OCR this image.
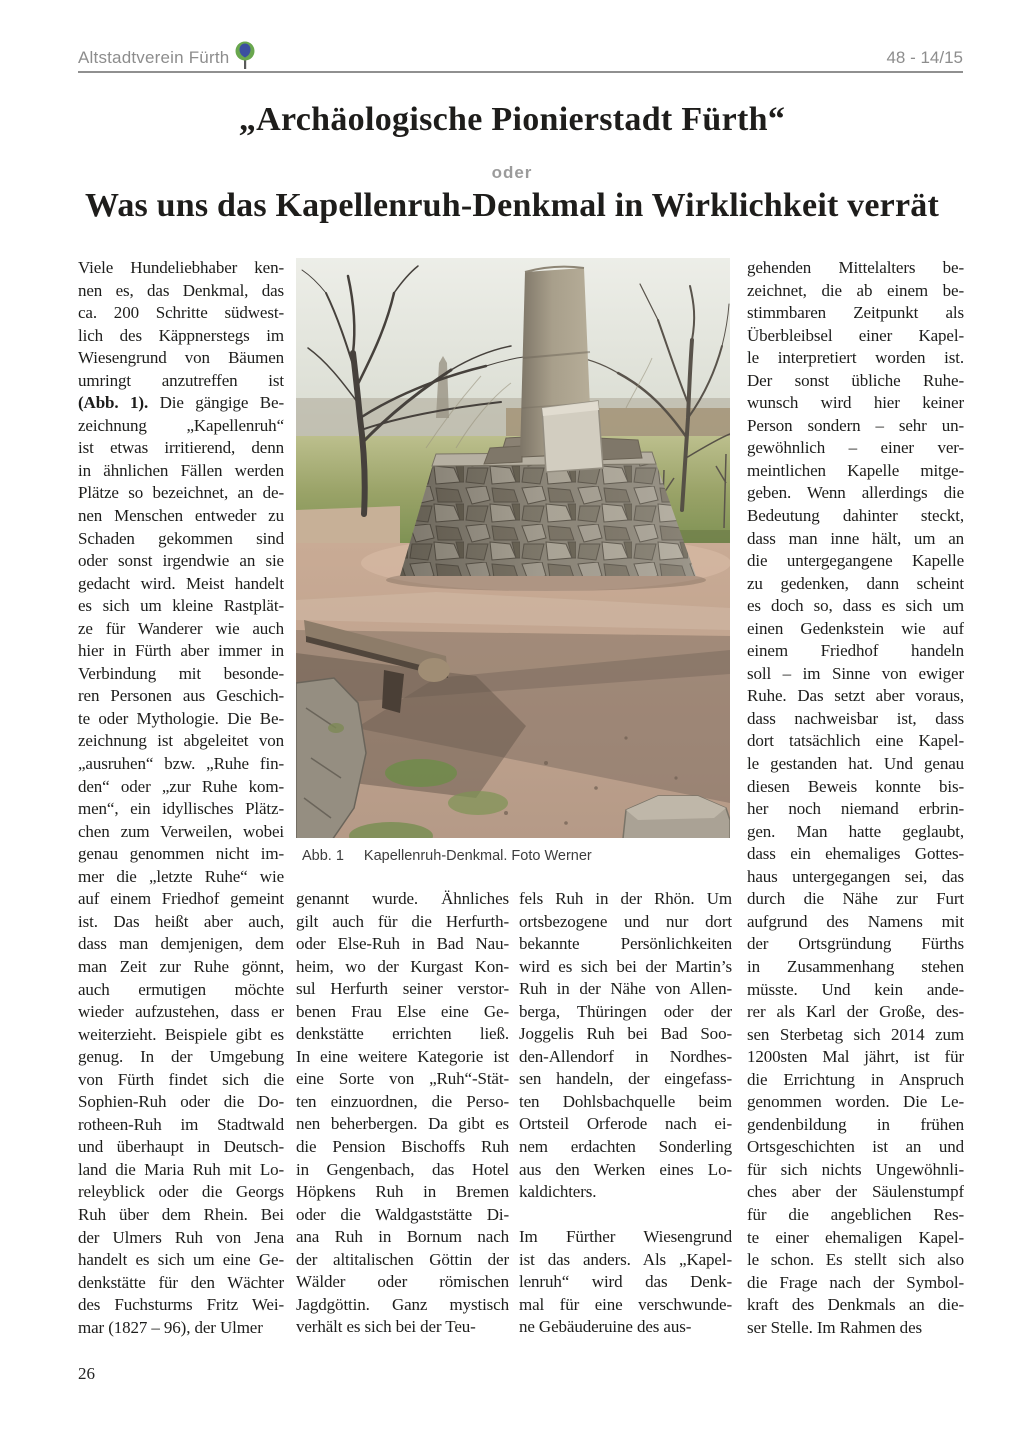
Altstadtverein Fürth	48 - 14/15
„Archäologische Pionierstadt Fürth“
oder
Was uns das Kapellenruh-Denkmal in Wirklichkeit verrät
Abb. 1 Kapellenruh-Denkmal. Foto Werner
Viele Hundeliebhaber ken-
nen es, das Denkmal, das
ca. 200 Schritte südwest-
lich des Käppnerstegs im
Wiesengrund von Bäumen
umringt anzutreffen ist
(Abb. 1). Die gängige Be-
zeichnung „Kapellenruh“
ist etwas irritierend, denn
in ähnlichen Fällen werden
Plätze so bezeichnet, an de-
nen Menschen entweder zu
Schaden gekommen sind
oder sonst irgendwie an sie
gedacht wird. Meist handelt
es sich um kleine Rastplät-
ze für Wanderer wie auch
hier in Fürth aber immer in
Verbindung mit besonde-
ren Personen aus Geschich-
te oder Mythologie. Die Be-
zeichnung ist abgeleitet von
„ausruhen“ bzw. „Ruhe fin-
den“ oder „zur Ruhe kom-
men“, ein idyllisches Plätz-
chen zum Verweilen, wobei
genau genommen nicht im-
mer die „letzte Ruhe“ wie
auf einem Friedhof gemeint
ist. Das heißt aber auch,
dass man demjenigen, dem
man Zeit zur Ruhe gönnt,
auch ermutigen möchte
wieder aufzustehen, dass er
weiterzieht. Beispiele gibt es
genug. In der Umgebung
von Fürth findet sich die
Sophien-Ruh oder die Do-
rotheen-Ruh im Stadtwald
und überhaupt in Deutsch-
land die Maria Ruh mit Lo-
releyblick oder die Georgs
Ruh über dem Rhein. Bei
der Ulmers Ruh von Jena
handelt es sich um eine Ge-
denkstätte für den Wächter
des Fuchsturms Fritz Wei-
mar (1827 – 96), der Ulmer
genannt wurde. Ähnliches
gilt auch für die Herfurth-
oder Else-Ruh in Bad Nau-
heim, wo der Kurgast Kon-
sul Herfurth seiner verstor-
benen Frau Else eine Ge-
denkstätte errichten ließ.
In eine weitere Kategorie ist
eine Sorte von „Ruh“-Stät-
ten einzuordnen, die Perso-
nen beherbergen. Da gibt es
die Pension Bischoffs Ruh
in Gengenbach, das Hotel
Höpkens Ruh in Bremen
oder die Waldgaststätte Di-
ana Ruh in Bornum nach
der altitalischen Göttin der
Wälder oder römischen
Jagdgöttin. Ganz mystisch
verhält es sich bei der Teu-
fels Ruh in der Rhön. Um
ortsbezogene und nur dort
bekannte Persönlichkeiten
wird es sich bei der Martin’s
Ruh in der Nähe von Allen-
berga, Thüringen oder der
Joggelis Ruh bei Bad Soo-
den-Allendorf in Nordhes-
sen handeln, der eingefass-
ten Dohlsbachquelle beim
Ortsteil Orferode nach ei-
nem erdachten Sonderling
aus den Werken eines Lo-
kaldichters.
Im Fürther Wiesengrund
ist das anders. Als „Kapel-
lenruh“ wird das Denk-
mal für eine verschwunde-
ne Gebäuderuine des aus-
gehenden Mittelalters be-
zeichnet, die ab einem be-
stimmbaren Zeitpunkt als
Überbleibsel einer Kapel-
le interpretiert worden ist.
Der sonst übliche Ruhe-
wunsch wird hier keiner
Person sondern – sehr un-
gewöhnlich – einer ver-
meintlichen Kapelle mitge-
geben. Wenn allerdings die
Bedeutung dahinter steckt,
dass man inne hält, um an
die untergegangene Kapelle
zu gedenken, dann scheint
es doch so, dass es sich um
einen Gedenkstein wie auf
einem Friedhof handeln
soll – im Sinne von ewiger
Ruhe. Das setzt aber voraus,
dass nachweisbar ist, dass
dort tatsächlich eine Kapel-
le gestanden hat. Und genau
diesen Beweis konnte bis-
her noch niemand erbrin-
gen. Man hatte geglaubt,
dass ein ehemaliges Gottes-
haus untergegangen sei, das
durch die Nähe zur Furt
aufgrund des Namens mit
der Ortsgründung Fürths
in Zusammenhang stehen
müsste. Und kein ande-
rer als Karl der Große, des-
sen Sterbetag sich 2014 zum
1200sten Mal jährt, ist für
die Errichtung in Anspruch
genommen worden. Die Le-
gendenbildung in frühen
Ortsgeschichten ist an und
für sich nichts Ungewöhnli-
ches aber der Säulenstumpf
für die angeblichen Res-
te einer ehemaligen Kapel-
le schon. Es stellt sich also
die Frage nach der Symbol-
kraft des Denkmals an die-
ser Stelle. Im Rahmen des
26
